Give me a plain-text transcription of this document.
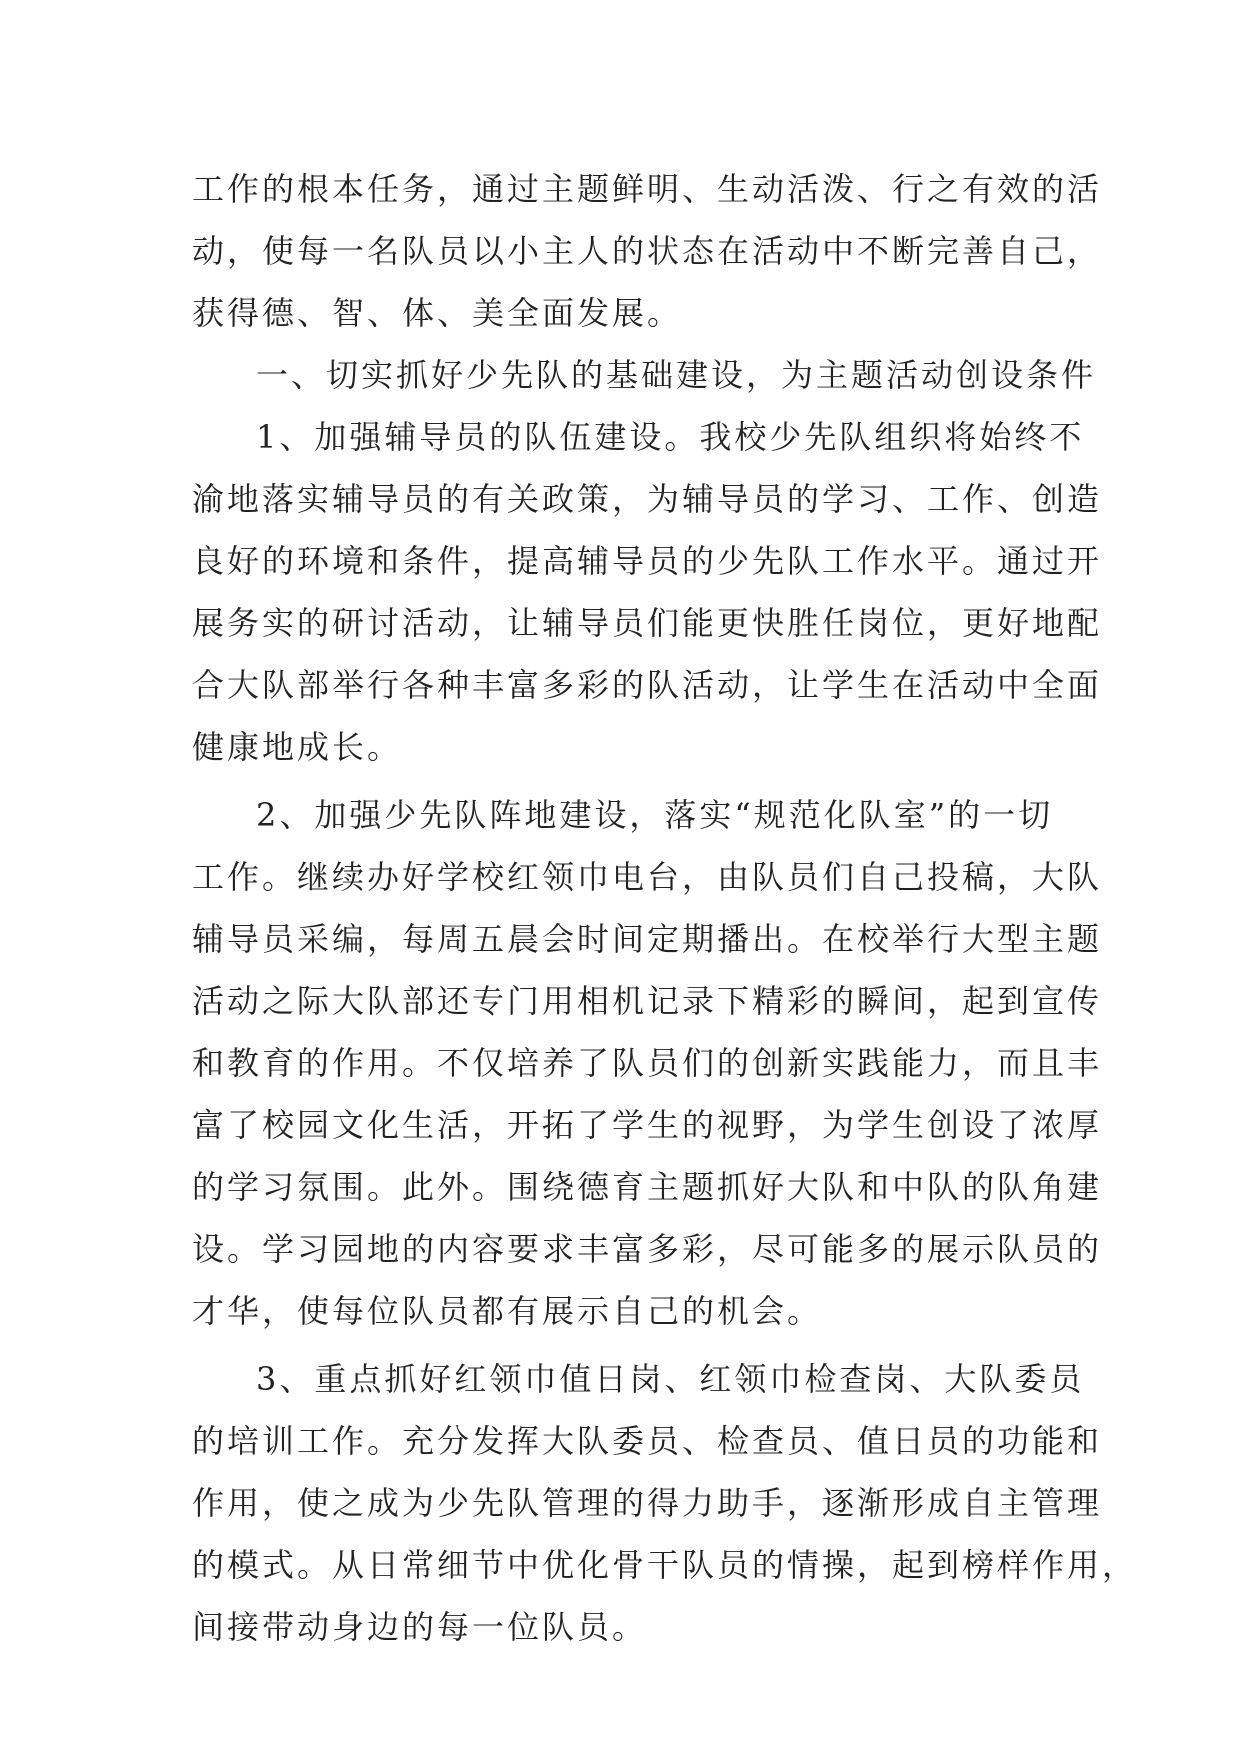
工作的根本任务，通过主题鲜明、生动活泼、行之有效的活
动，使每一名队员以小主人的状态在活动中不断完善自己，
获得德、智、体、美全面发展。
一、切实抓好少先队的基础建设，为主题活动创设条件
1、加强辅导员的队伍建设。我校少先队组织将始终不
渝地落实辅导员的有关政策，为辅导员的学习、工作、创造
良好的环境和条件，提高辅导员的少先队工作水平。通过开
展务实的研讨活动，让辅导员们能更快胜任岗位，更好地配
合大队部举行各种丰富多彩的队活动，让学生在活动中全面
健康地成长。
2、加强少先队阵地建设，落实“规范化队室”的一切
工作。继续办好学校红领巾电台，由队员们自己投稿，大队
辅导员采编，每周五晨会时间定期播出。在校举行大型主题
活动之际大队部还专门用相机记录下精彩的瞬间，起到宣传
和教育的作用。不仅培养了队员们的创新实践能力，而且丰
富了校园文化生活，开拓了学生的视野，为学生创设了浓厚
的学习氛围。此外。围绕德育主题抓好大队和中队的队角建
设。学习园地的内容要求丰富多彩，尽可能多的展示队员的
才华，使每位队员都有展示自己的机会。
3、重点抓好红领巾值日岗、红领巾检查岗、大队委员
的培训工作。充分发挥大队委员、检查员、值日员的功能和
作用，使之成为少先队管理的得力助手，逐渐形成自主管理
的模式。从日常细节中优化骨干队员的情操，起到榜样作用，
间接带动身边的每一位队员。
